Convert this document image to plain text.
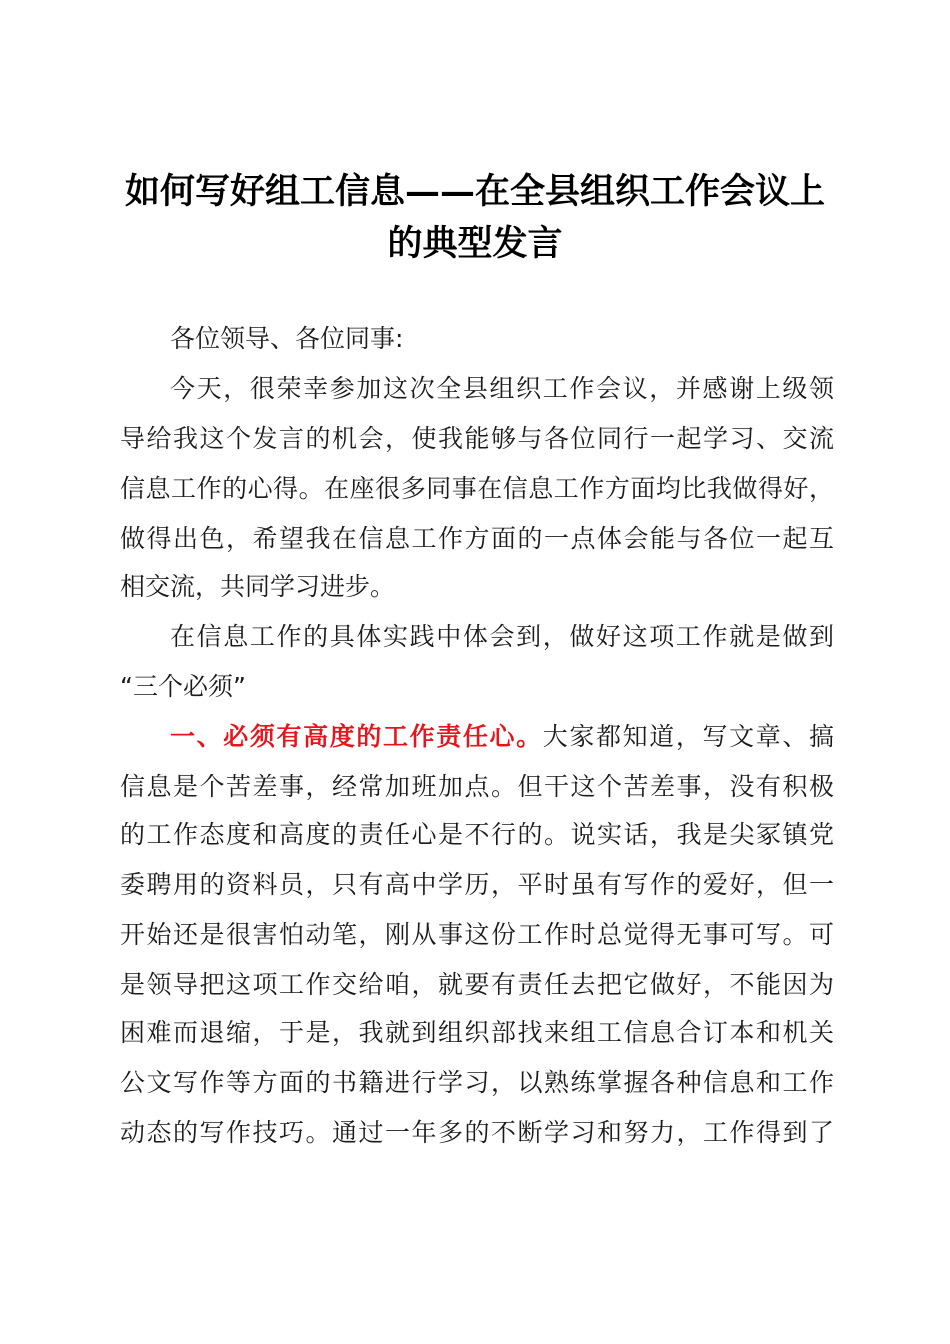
如何写好组工信息——在全县组织工作会议上
的典型发言
各位领导、各位同事:
今天，很荣幸参加这次全县组织工作会议，并感谢上级领
导给我这个发言的机会，使我能够与各位同行一起学习、交流
信息工作的心得。在座很多同事在信息工作方面均比我做得好，
做得出色，希望我在信息工作方面的一点体会能与各位一起互
相交流，共同学习进步。
在信息工作的具体实践中体会到，做好这项工作就是做到
“三个必须”
一、必须有高度的工作责任心。大家都知道，写文章、搞
信息是个苦差事，经常加班加点。但干这个苦差事，没有积极
的工作态度和高度的责任心是不行的。说实话，我是尖冢镇党
委聘用的资料员，只有高中学历，平时虽有写作的爱好，但一
开始还是很害怕动笔，刚从事这份工作时总觉得无事可写。可
是领导把这项工作交给咱，就要有责任去把它做好，不能因为
困难而退缩，于是，我就到组织部找来组工信息合订本和机关
公文写作等方面的书籍进行学习，以熟练掌握各种信息和工作
动态的写作技巧。通过一年多的不断学习和努力，工作得到了
